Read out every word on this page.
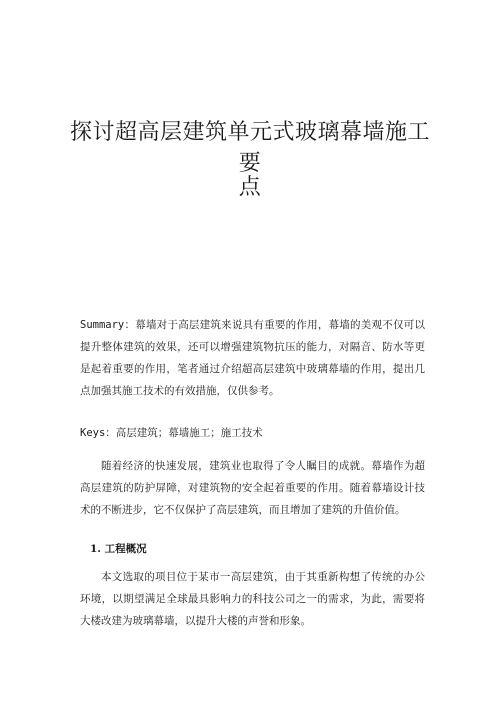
探讨超高层建筑单元式玻璃幕墙施工要
点

Summary：幕墙对于高层建筑来说具有重要的作用，幕墙的美观不仅可以提升整体建筑的效果，还可以增强建筑物抗压的能力，对隔音、防水等更是起着重要的作用，笔者通过介绍超高层建筑中玻璃幕墙的作用，提出几点加强其施工技术的有效措施，仅供参考。

Keys：高层建筑；幕墙施工；施工技术

随着经济的快速发展，建筑业也取得了令人瞩目的成就。幕墙作为超高层建筑的防护屏障，对建筑物的安全起着重要的作用。随着幕墙设计技术的不断进步，它不仅保护了高层建筑，而且增加了建筑的升值价值。

1. 工程概况

本文选取的项目位于某市一高层建筑，由于其重新构想了传统的办公环境，以期望满足全球最具影响力的科技公司之一的需求，为此，需要将大楼改建为玻璃幕墙，以提升大楼的声誉和形象。
